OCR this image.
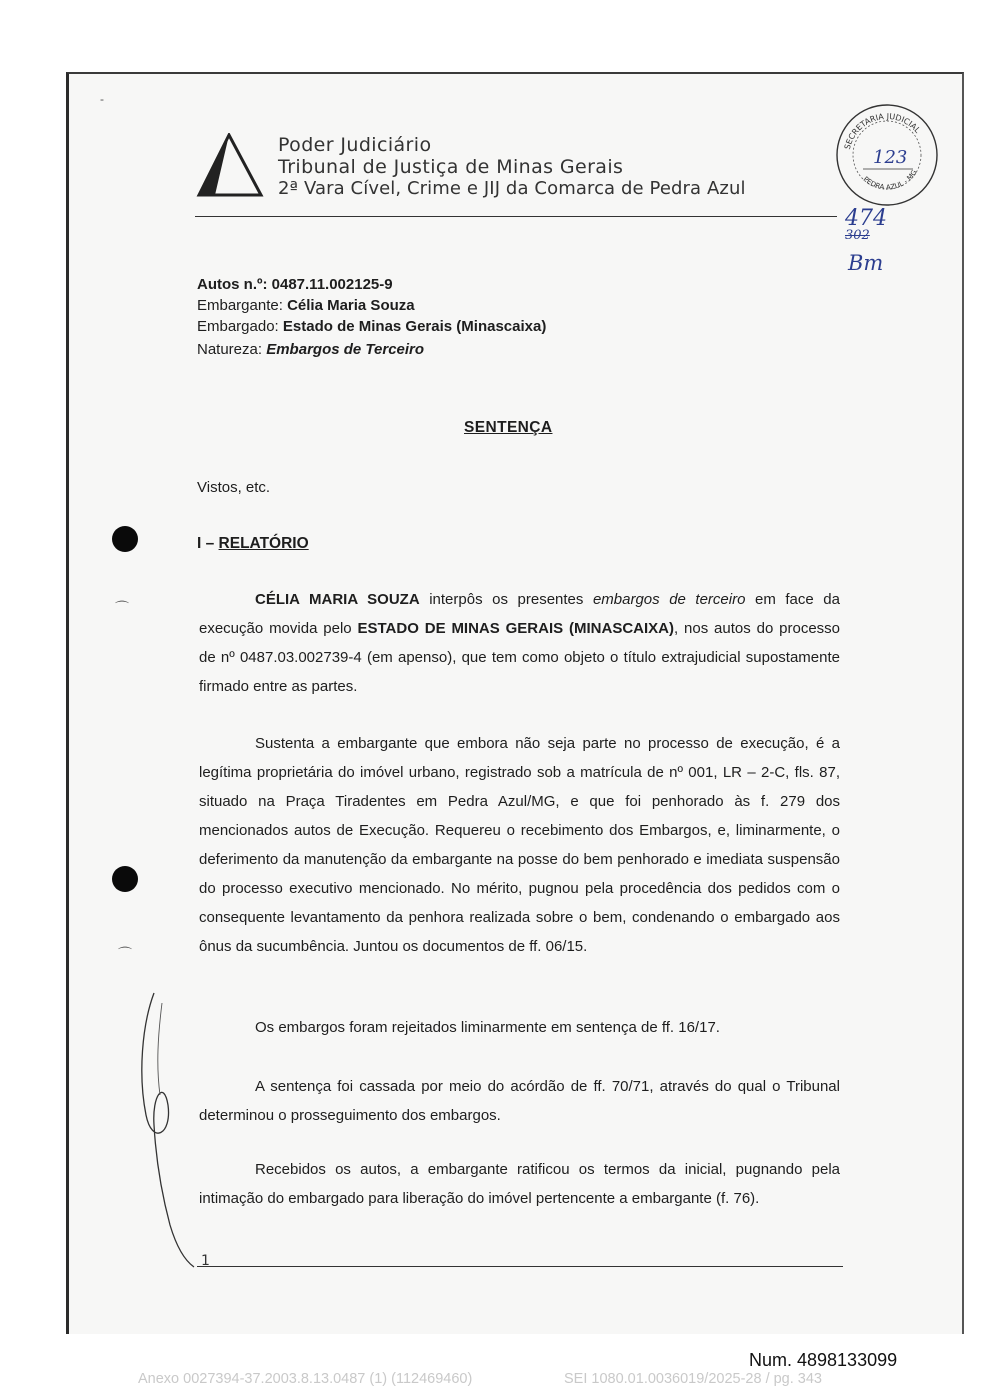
-
Poder Judiciário
Tribunal de Justiça de Minas Gerais
2ª Vara Cível, Crime e JIJ da Comarca de Pedra Azul
SECRETARIA JUDICIAL
PEDRA AZUL - MG
123
474
302
Bm
Autos n.º: 0487.11.002125-9
Embargante: Célia Maria Souza
Embargado: Estado de Minas Gerais (Minascaixa)
Natureza: Embargos de Terceiro
SENTENÇA
Vistos, etc.
I – RELATÓRIO

CÉLIA MARIA SOUZA interpôs os presentes embargos de terceiro em face da execução movida pelo ESTADO DE MINAS GERAIS (MINASCAIXA), nos autos do processo de nº 0487.03.002739-4 (em apenso), que tem como objeto o título extrajudicial supostamente firmado entre as partes.

Sustenta a embargante que embora não seja parte no processo de execução, é a legítima proprietária do imóvel urbano, registrado sob a matrícula de nº 001, LR – 2-C, fls. 87, situado na Praça Tiradentes em Pedra Azul/MG, e que foi penhorado às f. 279 dos mencionados autos de Execução. Requereu o recebimento dos Embargos, e, liminarmente, o deferimento da manutenção da embargante na posse do bem penhorado e imediata suspensão do processo executivo mencionado. No mérito, pugnou pela procedência dos pedidos com o consequente levantamento da penhora realizada sobre o bem, condenando o embargado aos ônus da sucumbência. Juntou os documentos de ff. 06/15.

Os embargos foram rejeitados liminarmente em sentença de ff. 16/17.

A sentença foi cassada por meio do acórdão de ff. 70/71, através do qual o Tribunal determinou o prosseguimento dos embargos.

Recebidos os autos, a embargante ratificou os termos da inicial, pugnando pela intimação do embargado para liberação do imóvel pertencente a embargante (f. 76).

⌒
⌒
1
Num. 4898133099
Anexo 0027394-37.2003.8.13.0487 (1) (112469460)	SEI 1080.01.0036019/2025-28 / pg. 343
